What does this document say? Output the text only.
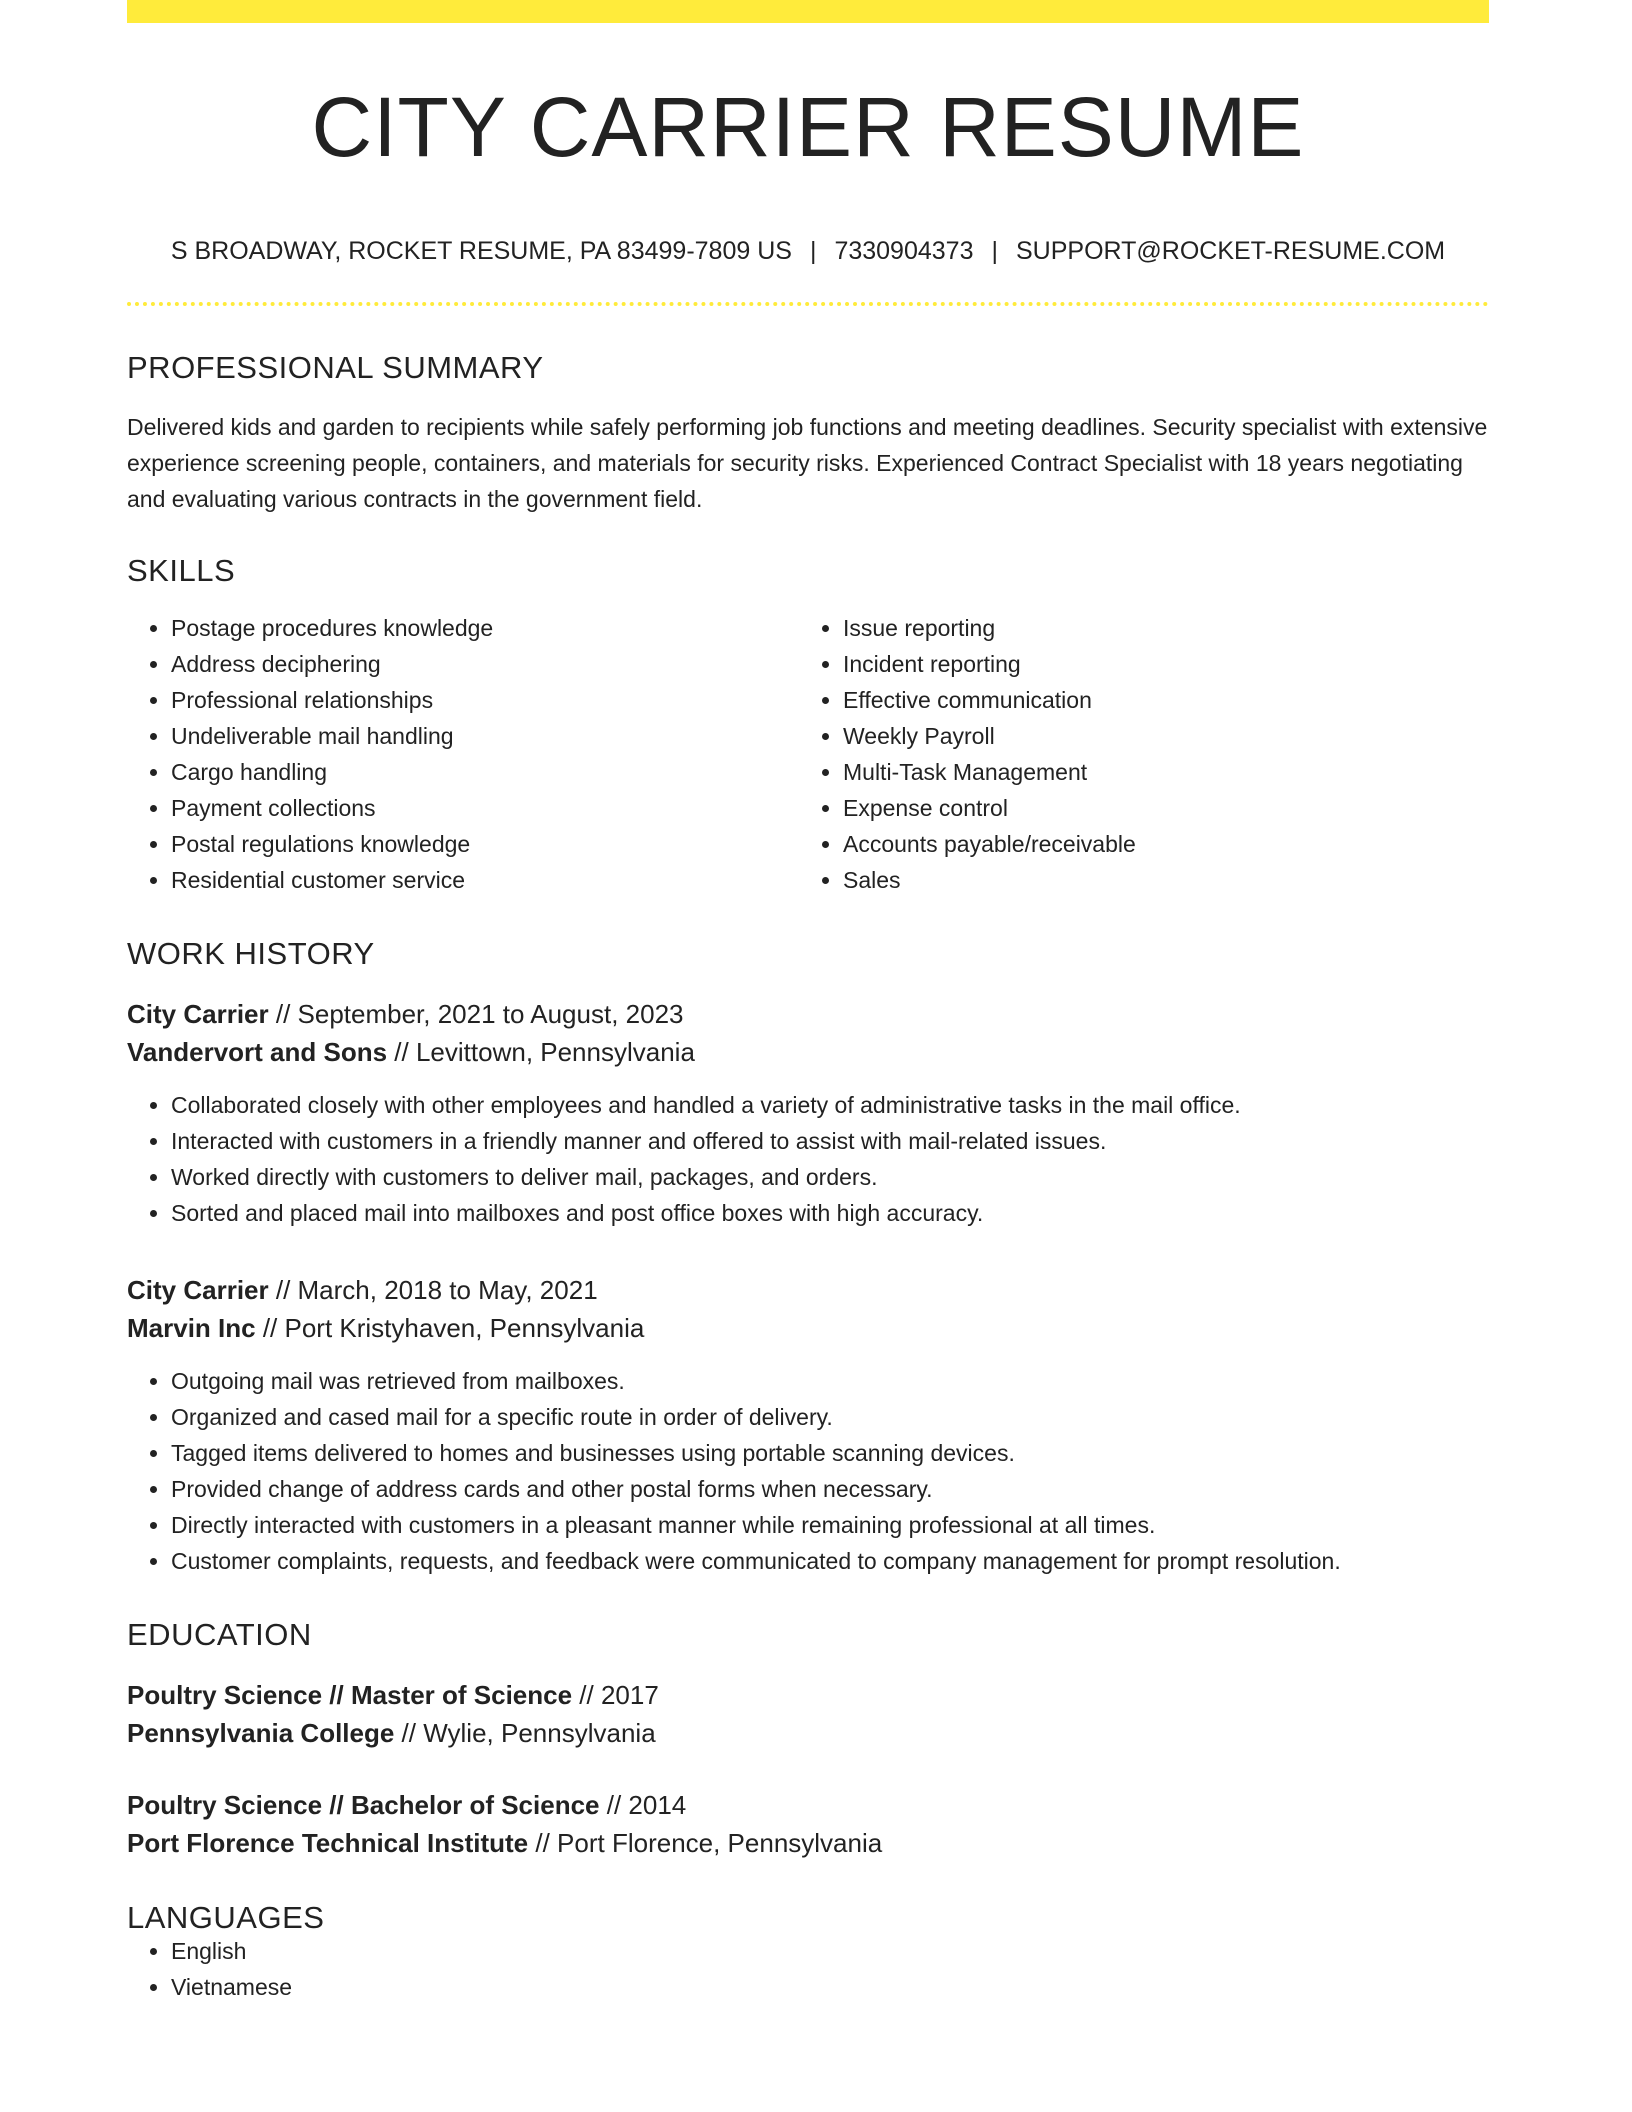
CITY CARRIER RESUME
S BROADWAY, ROCKET RESUME, PA 83499-7809 US | 7330904373 | SUPPORT@ROCKET-RESUME.COM
PROFESSIONAL SUMMARY
Delivered kids and garden to recipients while safely performing job functions and meeting deadlines. Security specialist with extensive experience screening people, containers, and materials for security risks. Experienced Contract Specialist with 18 years negotiating and evaluating various contracts in the government field.
SKILLS
• Postage procedures knowledge
• Address deciphering
• Professional relationships
• Undeliverable mail handling
• Cargo handling
• Payment collections
• Postal regulations knowledge
• Residential customer service
• Issue reporting
• Incident reporting
• Effective communication
• Weekly Payroll
• Multi-Task Management
• Expense control
• Accounts payable/receivable
• Sales
WORK HISTORY
City Carrier // September, 2021 to August, 2023
Vandervort and Sons // Levittown, Pennsylvania
• Collaborated closely with other employees and handled a variety of administrative tasks in the mail office.
• Interacted with customers in a friendly manner and offered to assist with mail-related issues.
• Worked directly with customers to deliver mail, packages, and orders.
• Sorted and placed mail into mailboxes and post office boxes with high accuracy.
City Carrier // March, 2018 to May, 2021
Marvin Inc // Port Kristyhaven, Pennsylvania
• Outgoing mail was retrieved from mailboxes.
• Organized and cased mail for a specific route in order of delivery.
• Tagged items delivered to homes and businesses using portable scanning devices.
• Provided change of address cards and other postal forms when necessary.
• Directly interacted with customers in a pleasant manner while remaining professional at all times.
• Customer complaints, requests, and feedback were communicated to company management for prompt resolution.
EDUCATION
Poultry Science // Master of Science // 2017
Pennsylvania College // Wylie, Pennsylvania
Poultry Science // Bachelor of Science // 2014
Port Florence Technical Institute // Port Florence, Pennsylvania
LANGUAGES
• English
• Vietnamese
